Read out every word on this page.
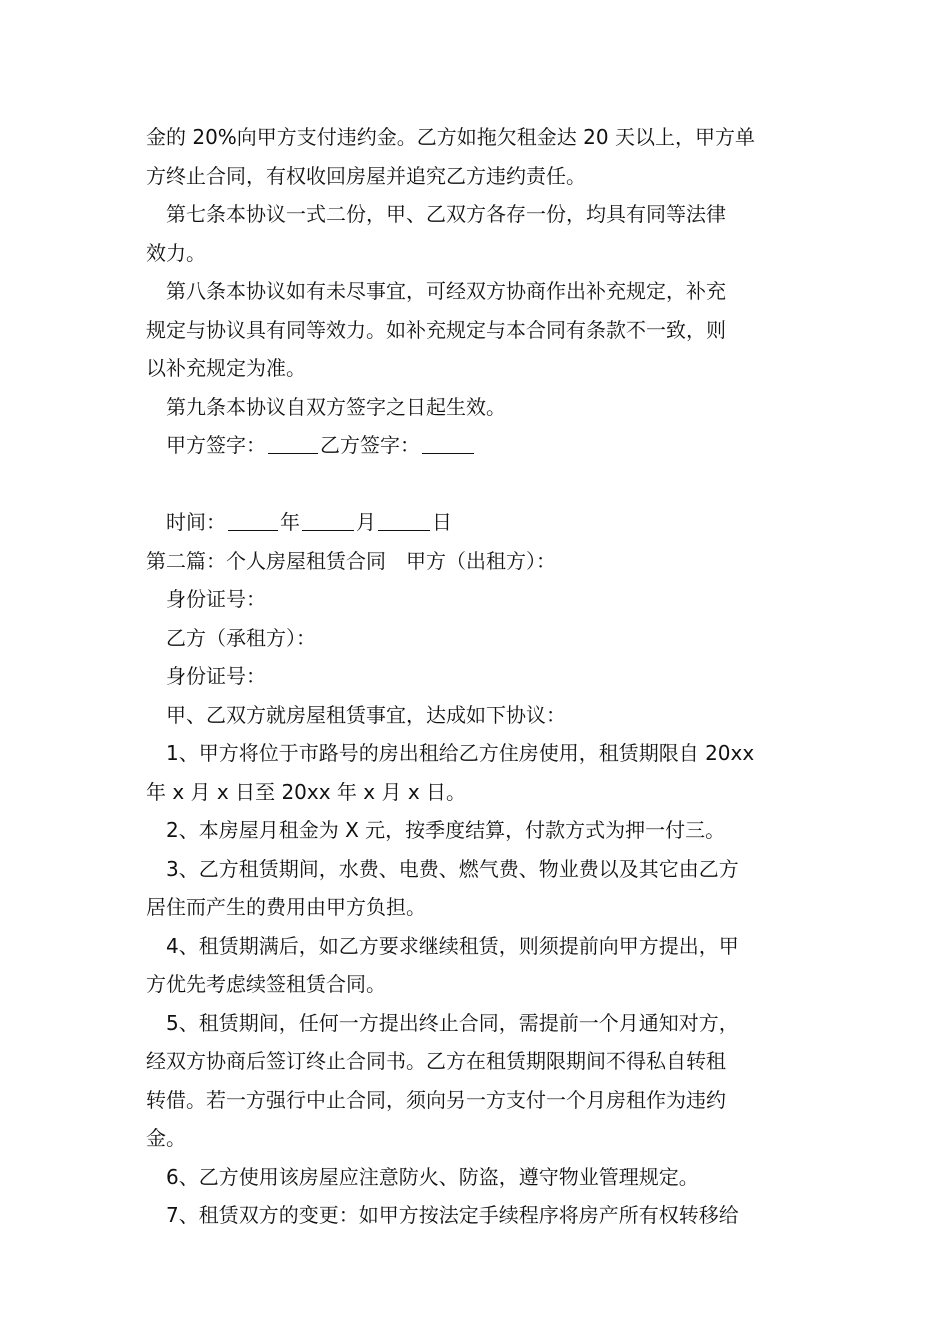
金的 20%向甲方支付违约金。乙方如拖欠租金达 20 天以上，甲方单
方终止合同，有权收回房屋并追究乙方违约责任。
第七条本协议一式二份，甲、乙双方各存一份，均具有同等法律
效力。
第八条本协议如有未尽事宜，可经双方协商作出补充规定，补充
规定与协议具有同等效力。如补充规定与本合同有条款不一致，则
以补充规定为准。
第九条本协议自双方签字之日起生效。
甲方签字：	乙方签字：
时间：	年	月	日
第二篇：个人房屋租赁合同　甲方（出租方）：
身份证号：
乙方（承租方）：
身份证号：
甲、乙双方就房屋租赁事宜，达成如下协议：
1、甲方将位于市路号的房出租给乙方住房使用，租赁期限自 20xx
年 x 月 x 日至 20xx 年 x 月 x 日。
2、本房屋月租金为 X 元，按季度结算，付款方式为押一付三。
3、乙方租赁期间，水费、电费、燃气费、物业费以及其它由乙方
居住而产生的费用由甲方负担。
4、租赁期满后，如乙方要求继续租赁，则须提前向甲方提出，甲
方优先考虑续签租赁合同。
5、租赁期间，任何一方提出终止合同，需提前一个月通知对方，
经双方协商后签订终止合同书。乙方在租赁期限期间不得私自转租
转借。若一方强行中止合同，须向另一方支付一个月房租作为违约
金。
6、乙方使用该房屋应注意防火、防盗，遵守物业管理规定。
7、租赁双方的变更：如甲方按法定手续程序将房产所有权转移给
